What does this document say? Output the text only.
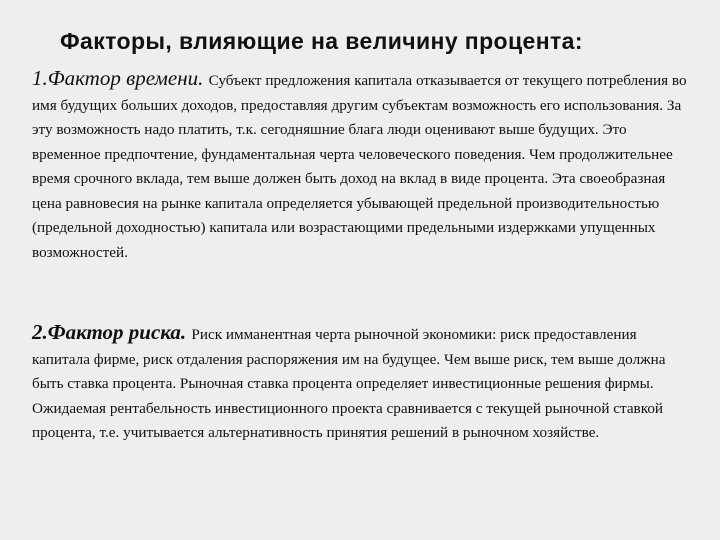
Факторы, влияющие на величину процента:
1.Фактор времени. Субъект предложения капитала отказывается от текущего потребления во имя будущих больших доходов, предоставляя другим субъектам возможность его использования. За эту возможность надо платить, т.к. сегодняшние блага люди оценивают выше будущих. Это временное предпочтение, фундаментальная черта человеческого поведения. Чем продолжительнее время срочного вклада, тем выше должен быть доход на вклад в виде процента. Эта своеобразная цена равновесия на рынке капитала определяется убывающей предельной производительностью (предельной доходностью) капитала или возрастающими предельными издержками упущенных возможностей.
2.Фактор риска. Риск имманентная черта рыночной экономики: риск предоставления капитала фирме, риск отдаления распоряжения им на будущее. Чем выше риск, тем выше должна быть ставка процента. Рыночная ставка процента определяет инвестиционные решения фирмы. Ожидаемая рентабельность инвестиционного проекта сравнивается с текущей рыночной ставкой процента, т.е. учитывается альтернативность принятия решений в рыночном хозяйстве.
